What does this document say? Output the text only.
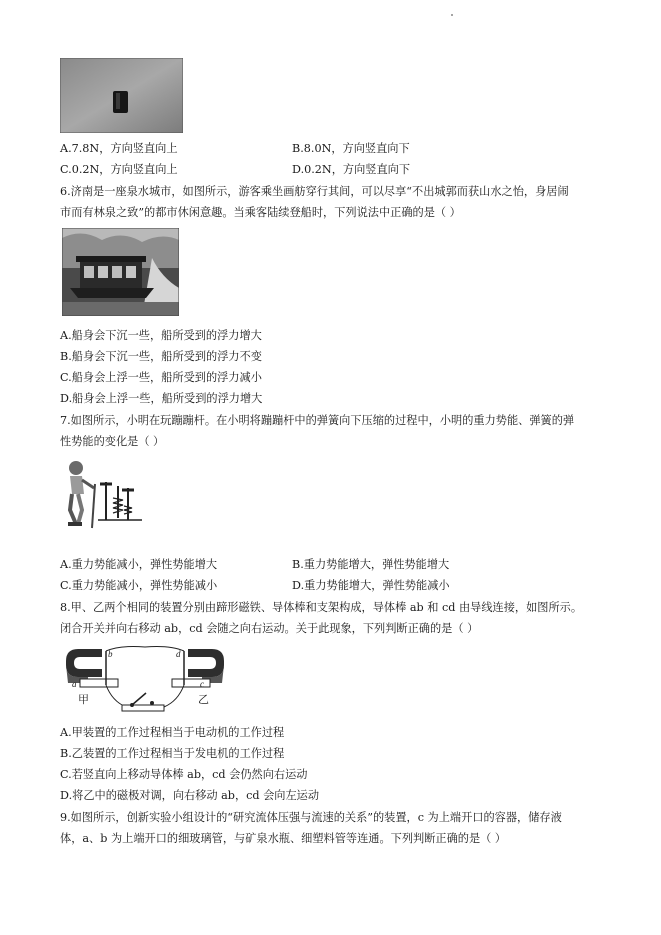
A.7.8N，方向竖直向上	B.8.0N，方向竖直向下
C.0.2N，方向竖直向上	D.0.2N，方向竖直向下
6.济南是一座泉水城市，如图所示，游客乘坐画舫穿行其间，可以尽享“不出城郭而获山水之怡，身居闹
市而有林泉之致”的都市休闲意趣。当乘客陆续登船时，下列说法中正确的是（ ）
A.船身会下沉一些，船所受到的浮力增大
B.船身会下沉一些，船所受到的浮力不变
C.船身会上浮一些，船所受到的浮力减小
D.船身会上浮一些，船所受到的浮力增大
7.如图所示，小明在玩蹦蹦杆。在小明将蹦蹦杆中的弹簧向下压缩的过程中，小明的重力势能、弹簧的弹
性势能的变化是（ ）
A.重力势能减小，弹性势能增大	B.重力势能增大，弹性势能增大
C.重力势能减小，弹性势能减小	D.重力势能增大，弹性势能减小
8.甲、乙两个相同的装置分别由蹄形磁铁、导体棒和支架构成，导体棒 ab 和 cd 由导线连接，如图所示。
闭合开关并向右移动 ab，cd 会随之向右运动。关于此现象，下列判断正确的是（ ）
b
a
d
c
甲	乙
A.甲装置的工作过程相当于电动机的工作过程
B.乙装置的工作过程相当于发电机的工作过程
C.若竖直向上移动导体棒 ab，cd 会仍然向右运动
D.将乙中的磁极对调，向右移动 ab，cd 会向左运动
9.如图所示，创新实验小组设计的“研究流体压强与流速的关系”的装置，c 为上端开口的容器，储存液
体，a、b 为上端开口的细玻璃管，与矿泉水瓶、细塑料管等连通。下列判断正确的是（ ）
